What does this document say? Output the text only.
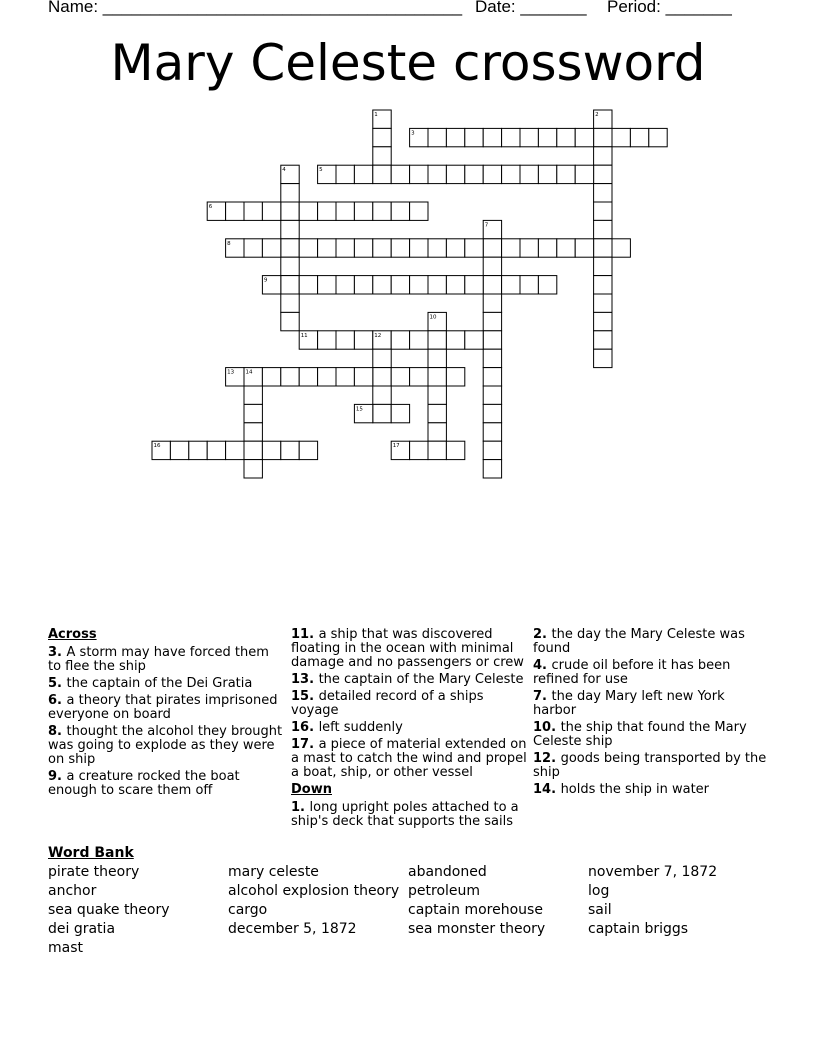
Name: ______________________________________ Date: _______ Period: _______
Mary Celeste crossword
1	2
3
4	5
6
7
8
9
10
11	12
13 14
15
16	17
Across
3. A storm may have forced them to flee the ship
5. the captain of the Dei Gratia
6. a theory that pirates imprisoned everyone on board
8. thought the alcohol they brought was going to explode as they were on ship
9. a creature rocked the boat enough to scare them off
11. a ship that was discovered floating in the ocean with minimal damage and no passengers or crew
13. the captain of the Mary Celeste
15. detailed record of a ships voyage
16. left suddenly
17. a piece of material extended on a mast to catch the wind and propel a boat, ship, or other vessel
Down
1. long upright poles attached to a ship's deck that supports the sails
2. the day the Mary Celeste was found
4. crude oil before it has been refined for use
7. the day Mary left new York harbor
10. the ship that found the Mary Celeste ship
12. goods being transported by the ship
14. holds the ship in water
Word Bank
pirate theory
anchor
sea quake theory
dei gratia
mast
mary celeste
alcohol explosion theory
cargo
december 5, 1872
abandoned
petroleum
captain morehouse
sea monster theory
november 7, 1872
log
sail
captain briggs
